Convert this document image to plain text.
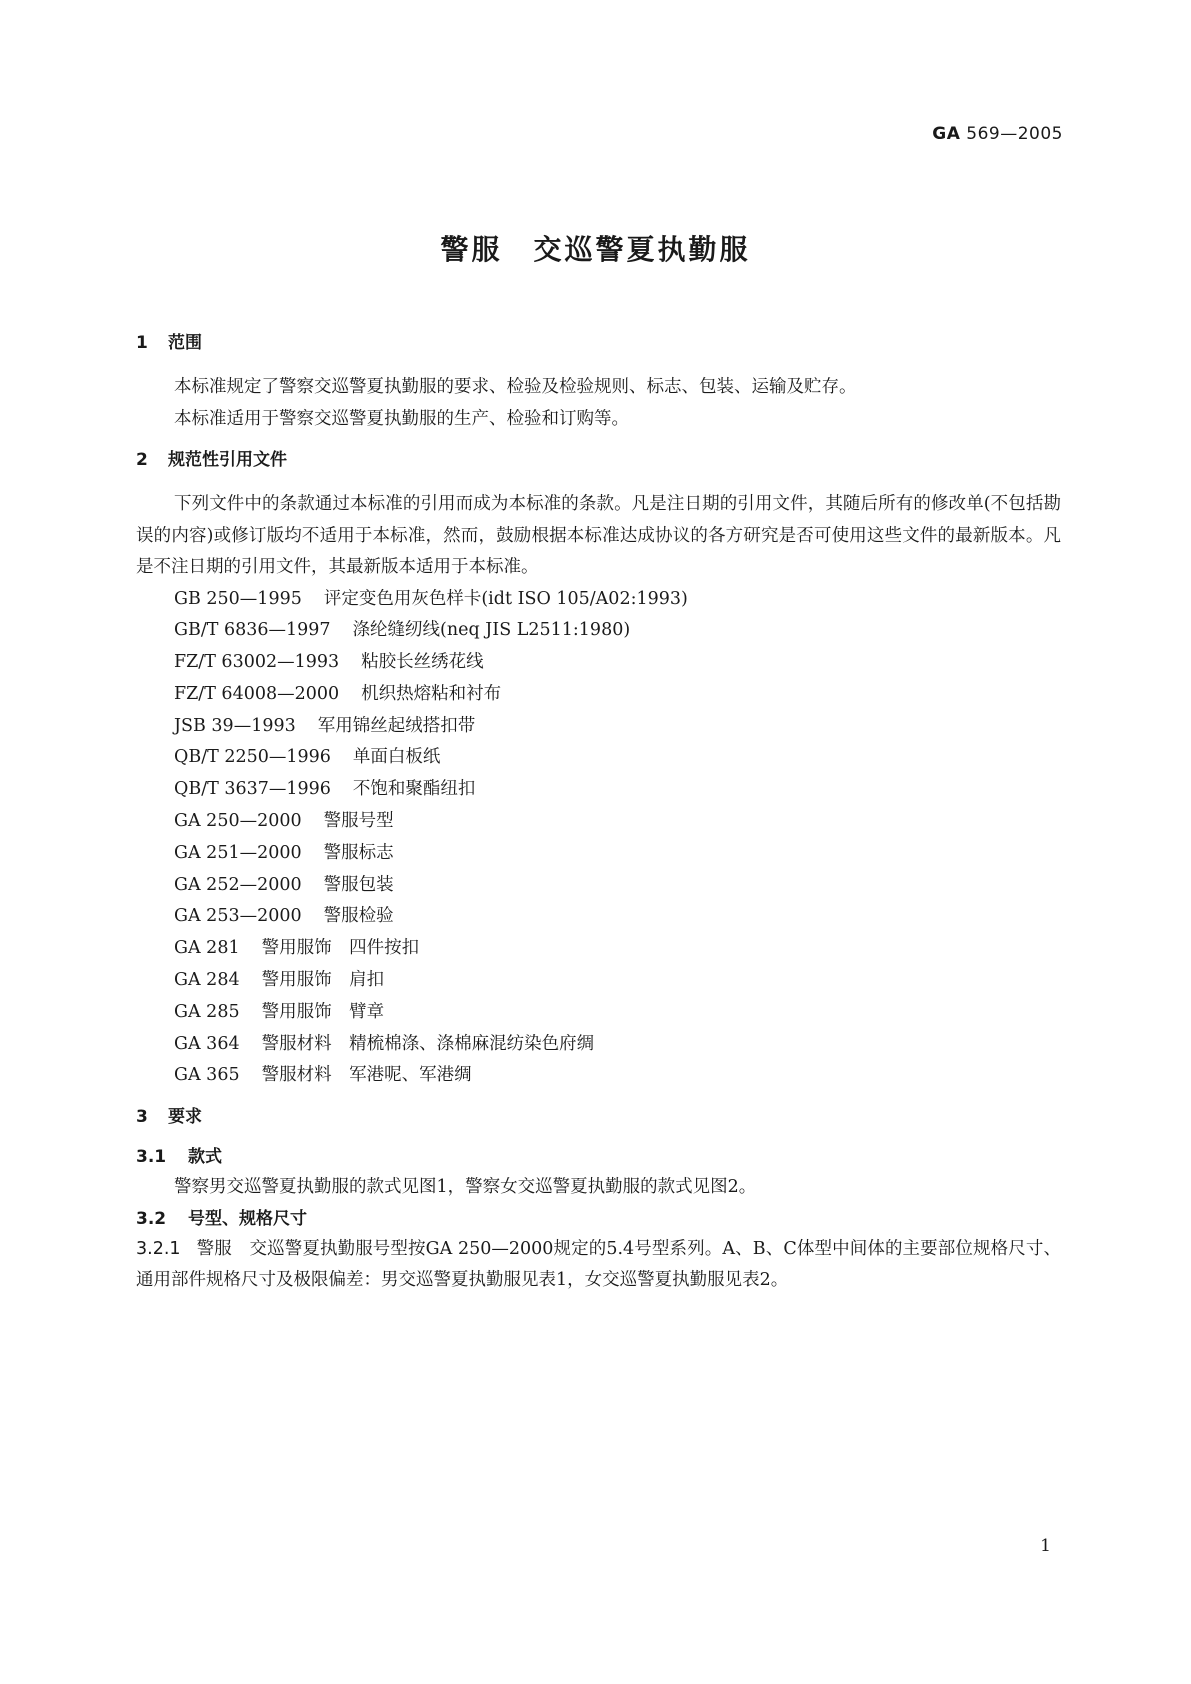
GA 569—2005
警服　交巡警夏执勤服
1 范围

本标准规定了警察交巡警夏执勤服的要求、检验及检验规则、标志、包装、运输及贮存。

本标准适用于警察交巡警夏执勤服的生产、检验和订购等。

2 规范性引用文件

下列文件中的条款通过本标准的引用而成为本标准的条款。凡是注日期的引用文件，其随后所有的修改单(不包括勘误的内容)或修订版均不适用于本标准，然而，鼓励根据本标准达成协议的各方研究是否可使用这些文件的最新版本。凡是不注日期的引用文件，其最新版本适用于本标准。

GB 250—1995 评定变色用灰色样卡(idt ISO 105/A02:1993)
GB/T 6836—1997 涤纶缝纫线(neq JIS L2511:1980)
FZ/T 63002—1993 粘胶长丝绣花线
FZ/T 64008—2000 机织热熔粘和衬布
JSB 39—1993 军用锦丝起绒搭扣带
QB/T 2250—1996 单面白板纸
QB/T 3637—1996 不饱和聚酯纽扣
GA 250—2000 警服号型
GA 251—2000 警服标志
GA 252—2000 警服包装
GA 253—2000 警服检验
GA 281 警用服饰　四件按扣
GA 284 警用服饰　肩扣
GA 285 警用服饰　臂章
GA 364 警服材料　精梳棉涤、涤棉麻混纺染色府绸
GA 365 警服材料　军港呢、军港绸
3 要求
3.1 款式

警察男交巡警夏执勤服的款式见图1，警察女交巡警夏执勤服的款式见图2。

3.2 号型、规格尺寸

3.2.1 警服　交巡警夏执勤服号型按GA 250—2000规定的5.4号型系列。A、B、C体型中间体的主要部位规格尺寸、通用部件规格尺寸及极限偏差：男交巡警夏执勤服见表1，女交巡警夏执勤服见表2。

1
